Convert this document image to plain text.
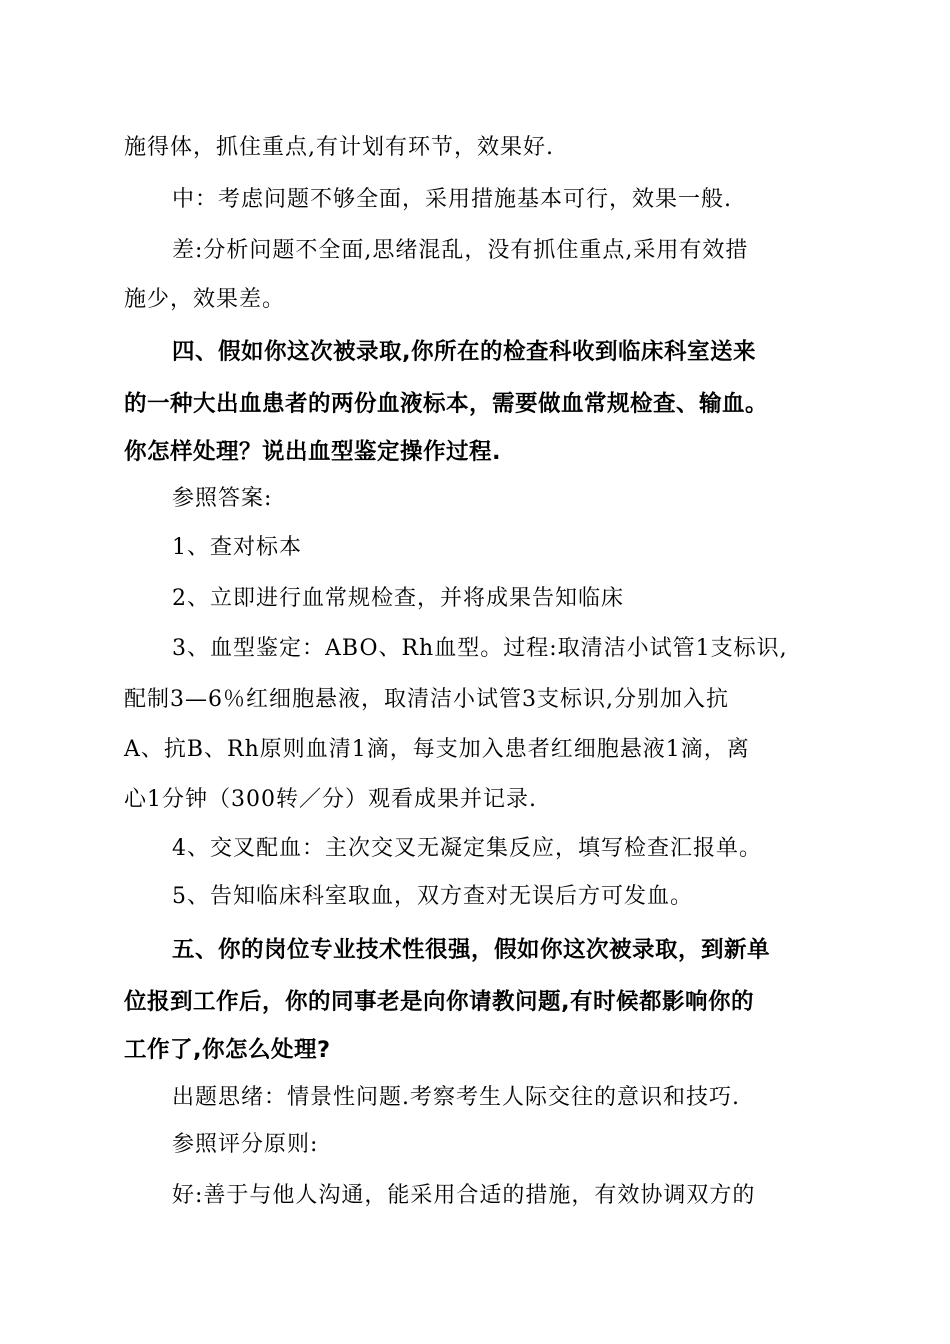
施得体，抓住重点,有计划有环节，效果好.
中：考虑问题不够全面，采用措施基本可行，效果一般.
差:分析问题不全面,思绪混乱，没有抓住重点,采用有效措
施少，效果差。
四、假如你这次被录取,你所在的检查科收到临床科室送来
的一种大出血患者的两份血液标本，需要做血常规检查、输血。
你怎样处理？说出血型鉴定操作过程.
参照答案:
1、查对标本
2、立即进行血常规检查，并将成果告知临床
3、血型鉴定：ABO、Rh血型。过程:取清洁小试管1支标识,
配制3—6％红细胞悬液，取清洁小试管3支标识,分别加入抗
A、抗B、Rh原则血清1滴，每支加入患者红细胞悬液1滴，离
心1分钟（300转／分）观看成果并记录.
4、交叉配血：主次交叉无凝定集反应，填写检查汇报单。
5、告知临床科室取血，双方查对无误后方可发血。
五、你的岗位专业技术性很强，假如你这次被录取，到新单
位报到工作后，你的同事老是向你请教问题,有时候都影响你的
工作了,你怎么处理?
出题思绪：情景性问题.考察考生人际交往的意识和技巧.
参照评分原则:
好:善于与他人沟通，能采用合适的措施，有效协调双方的
